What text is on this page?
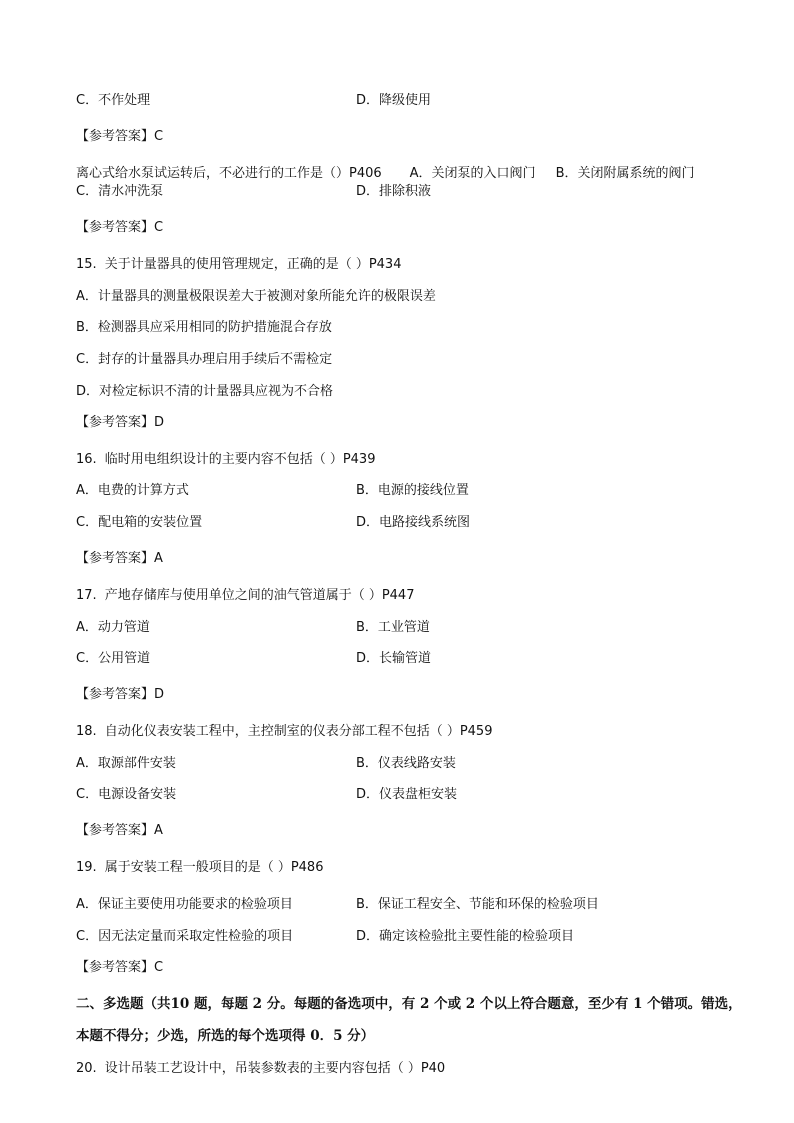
C．不作处理	D．降级使用
【参考答案】C
离心式给水泵试运转后，不必进行的工作是（）P406 A．关闭泵的入口阀门 B．关闭附属系统的阀门
C．清水冲洗泵	D．排除积液
【参考答案】C
15. 关于计量器具的使用管理规定，正确的是（ ）P434
A．计量器具的测量极限误差大于被测对象所能允许的极限误差
B．检测器具应采用相同的防护措施混合存放
C．封存的计量器具办理启用手续后不需检定
D．对检定标识不清的计量器具应视为不合格
【参考答案】D
16. 临时用电组织设计的主要内容不包括（ ）P439
A．电费的计算方式	B．电源的接线位置
C．配电箱的安装位置	D．电路接线系统图
【参考答案】A
17. 产地存储库与使用单位之间的油气管道属于（ ）P447
A．动力管道	B．工业管道
C．公用管道	D．长输管道
【参考答案】D
18. 自动化仪表安装工程中，主控制室的仪表分部工程不包括（ ）P459
A．取源部件安装	B．仪表线路安装
C．电源设备安装	D．仪表盘柜安装
【参考答案】A
19. 属于安装工程一般项目的是（ ）P486
A．保证主要使用功能要求的检验项目	B．保证工程安全、节能和环保的检验项目
C．因无法定量而采取定性检验的项目	D．确定该检验批主要性能的检验项目
【参考答案】C
二、多选题（共10 题，每题 2 分。每题的备选项中，有 2 个或 2 个以上符合题意，至少有 1 个错项。错选，
本题不得分；少选，所选的每个选项得 0．5 分）
20. 设计吊装工艺设计中，吊装参数表的主要内容包括（ ）P40
